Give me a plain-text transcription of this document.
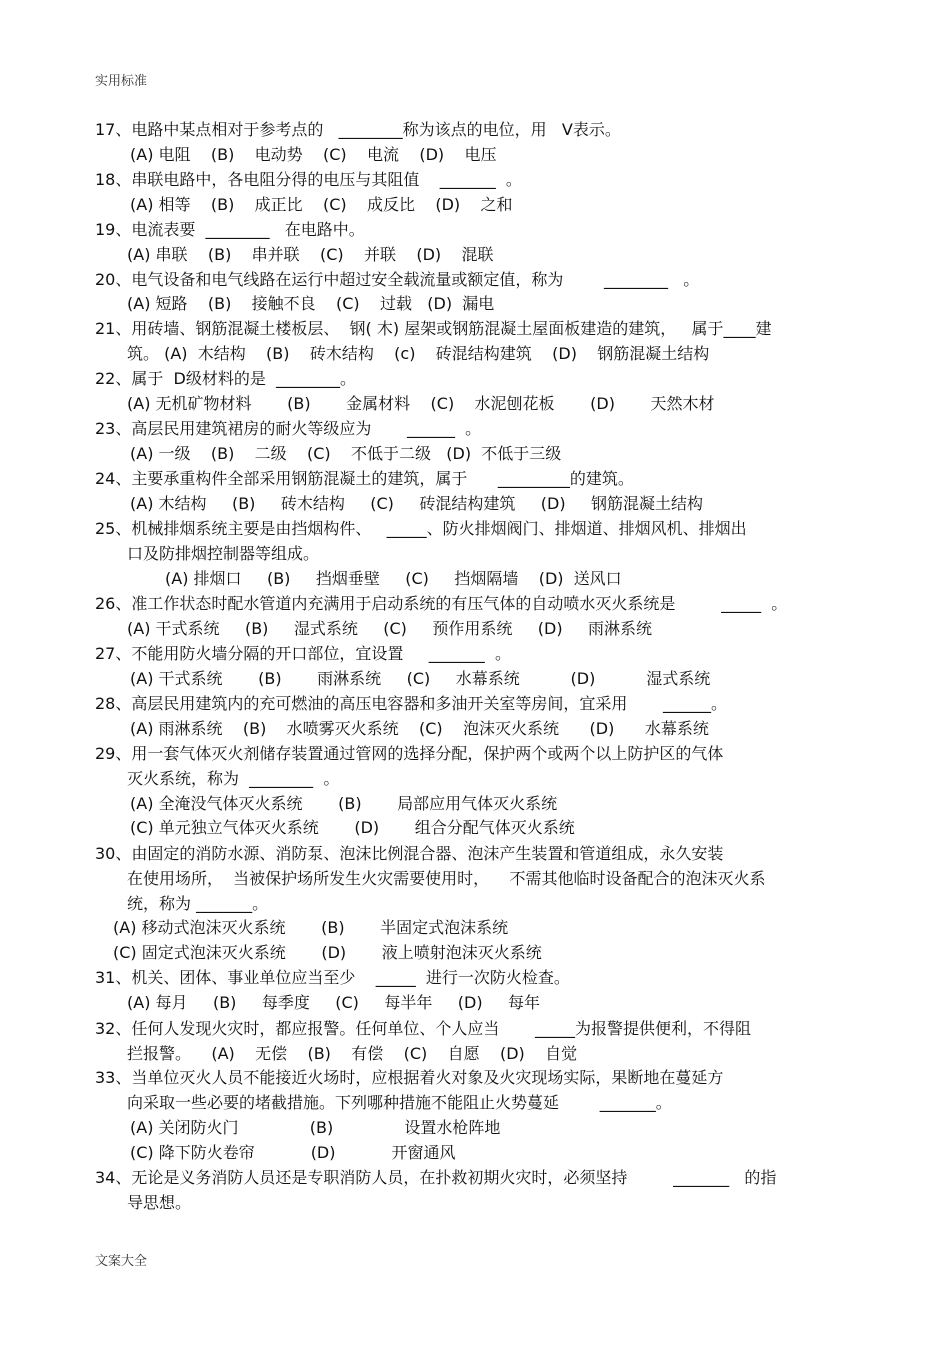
实用标准
17、电路中某点相对于参考点的   ________称为该点的电位，用   V表示。
(A) 电阻    (B)    电动势    (C)    电流    (D)    电压
18、串联电路中，各电阻分得的电压与其阻值    _______  。
(A) 相等    (B)    成正比    (C)    成反比    (D)    之和
19、电流表要  ________   在电路中。
(A) 串联    (B)    串并联    (C)    并联    (D)    混联
20、电气设备和电气线路在运行中超过安全载流量或额定值，称为        ________   。
(A) 短路    (B)    接触不良    (C)    过载   (D)  漏电
21、用砖墙、钢筋混凝土楼板层、  钢( 木) 屋架或钢筋混凝土屋面板建造的建筑，   属于____建
筑。 (A)  木结构    (B)    砖木结构    (c)    砖混结构建筑    (D)    钢筋混凝土结构
22、属于  D级材料的是  ________。
(A) 无机矿物材料       (B)       金属材料    (C)    水泥刨花板       (D)       天然木材
23、高层民用建筑裙房的耐火等级应为       ______  。
(A) 一级    (B)    二级    (C)    不低于二级   (D)  不低于三级
24、主要承重构件全部采用钢筋混凝土的建筑，属于      _________的建筑。
(A) 木结构     (B)     砖木结构     (C)     砖混结构建筑     (D)     钢筋混凝土结构
25、机械排烟系统主要是由挡烟构件、   _____、防火排烟阀门、排烟道、排烟风机、排烟出
口及防排烟控制器等组成。
(A) 排烟口     (B)     挡烟垂壁     (C)     挡烟隔墙    (D)  送风口
26、准工作状态时配水管道内充满用于启动系统的有压气体的自动喷水灭火系统是         _____  。
(A) 干式系统     (B)     湿式系统     (C)     预作用系统     (D)     雨淋系统
27、不能用防火墙分隔的开口部位，宜设置     _______  。
(A) 干式系统       (B)       雨淋系统     (C)     水幕系统          (D)          湿式系统
28、高层民用建筑内的充可燃油的高压电容器和多油开关室等房间，宜采用       ______。
(A) 雨淋系统    (B)    水喷雾灭火系统    (C)    泡沫灭火系统      (D)      水幕系统
29、用一套气体灭火剂储存装置通过管网的选择分配，保护两个或两个以上防护区的气体
灭火系统，称为  ________  。
(A) 全淹没气体灭火系统       (B)       局部应用气体灭火系统
(C) 单元独立气体灭火系统       (D)       组合分配气体灭火系统
30、由固定的消防水源、消防泵、泡沫比例混合器、泡沫产生装置和管道组成，永久安装
在使用场所，  当被保护场所发生火灾需要使用时，    不需其他临时设备配合的泡沫灭火系
统，称为 _______。
(A) 移动式泡沫灭火系统       (B)       半固定式泡沫系统
(C) 固定式泡沫灭火系统       (D)       液上喷射泡沫灭火系统
31、机关、团体、事业单位应当至少    _____  进行一次防火检查。
(A) 每月     (B)     每季度     (C)     每半年     (D)     每年
32、任何人发现火灾时，都应报警。任何单位、个人应当       _____为报警提供便利，不得阻
拦报警。    (A)    无偿    (B)    有偿    (C)    自愿    (D)    自觉
33、当单位灭火人员不能接近火场时，应根据着火对象及火灾现场实际，果断地在蔓延方
向采取一些必要的堵截措施。下列哪种措施不能阻止火势蔓延        _______。
(A) 关闭防火门              (B)              设置水枪阵地
(C) 降下防火卷帘           (D)           开窗通风
34、无论是义务消防人员还是专职消防人员，在扑救初期火灾时，必须坚持         _______   的指
导思想。
文案大全
